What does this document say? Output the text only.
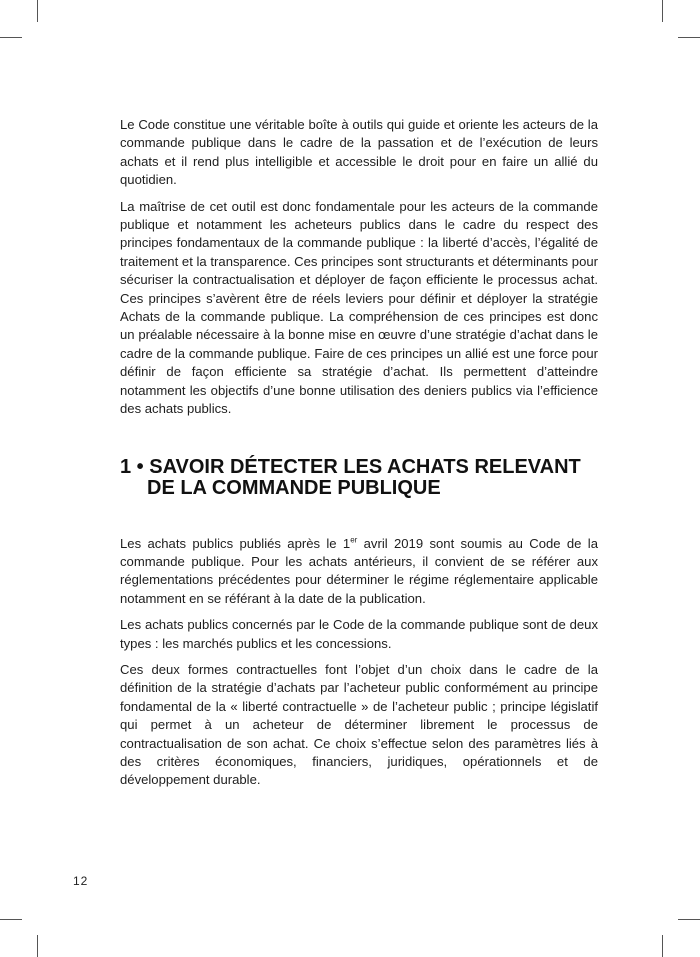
Le Code constitue une véritable boîte à outils qui guide et oriente les acteurs de la commande publique dans le cadre de la passation et de l’exécution de leurs achats et il rend plus intelligible et accessible le droit pour en faire un allié du quotidien.

La maîtrise de cet outil est donc fondamentale pour les acteurs de la commande publique et notamment les acheteurs publics dans le cadre du respect des principes fondamentaux de la commande publique : la liberté d’accès, l’égalité de traitement et la transparence. Ces principes sont structurants et déterminants pour sécuriser la contractualisation et déployer de façon efficiente le processus achat. Ces principes s’avèrent être de réels leviers pour définir et déployer la stratégie Achats de la commande publique. La compréhension de ces principes est donc un préalable nécessaire à la bonne mise en œuvre d’une stratégie d’achat dans le cadre de la commande publique. Faire de ces principes un allié est une force pour définir de façon efficiente sa stratégie d’achat. Ils permettent d’atteindre notamment les objectifs d’une bonne utilisation des deniers publics via l’efficience des achats publics.

1 • SAVOIR DÉTECTER LES ACHATS RELEVANT
DE LA COMMANDE PUBLIQUE

Les achats publics publiés après le 1er avril 2019 sont soumis au Code de la commande publique. Pour les achats antérieurs, il convient de se référer aux réglementations précédentes pour déterminer le régime réglementaire applicable notamment en se référant à la date de la publication.

Les achats publics concernés par le Code de la commande publique sont de deux types : les marchés publics et les concessions.

Ces deux formes contractuelles font l’objet d’un choix dans le cadre de la définition de la stratégie d’achats par l’acheteur public conformément au principe fondamental de la « liberté contractuelle » de l’acheteur public ; principe législatif qui permet à un acheteur de déterminer librement le processus de contractualisation de son achat. Ce choix s’effectue selon des paramètres liés à des critères économiques, financiers, juridiques, opérationnels et de développement durable.

12
